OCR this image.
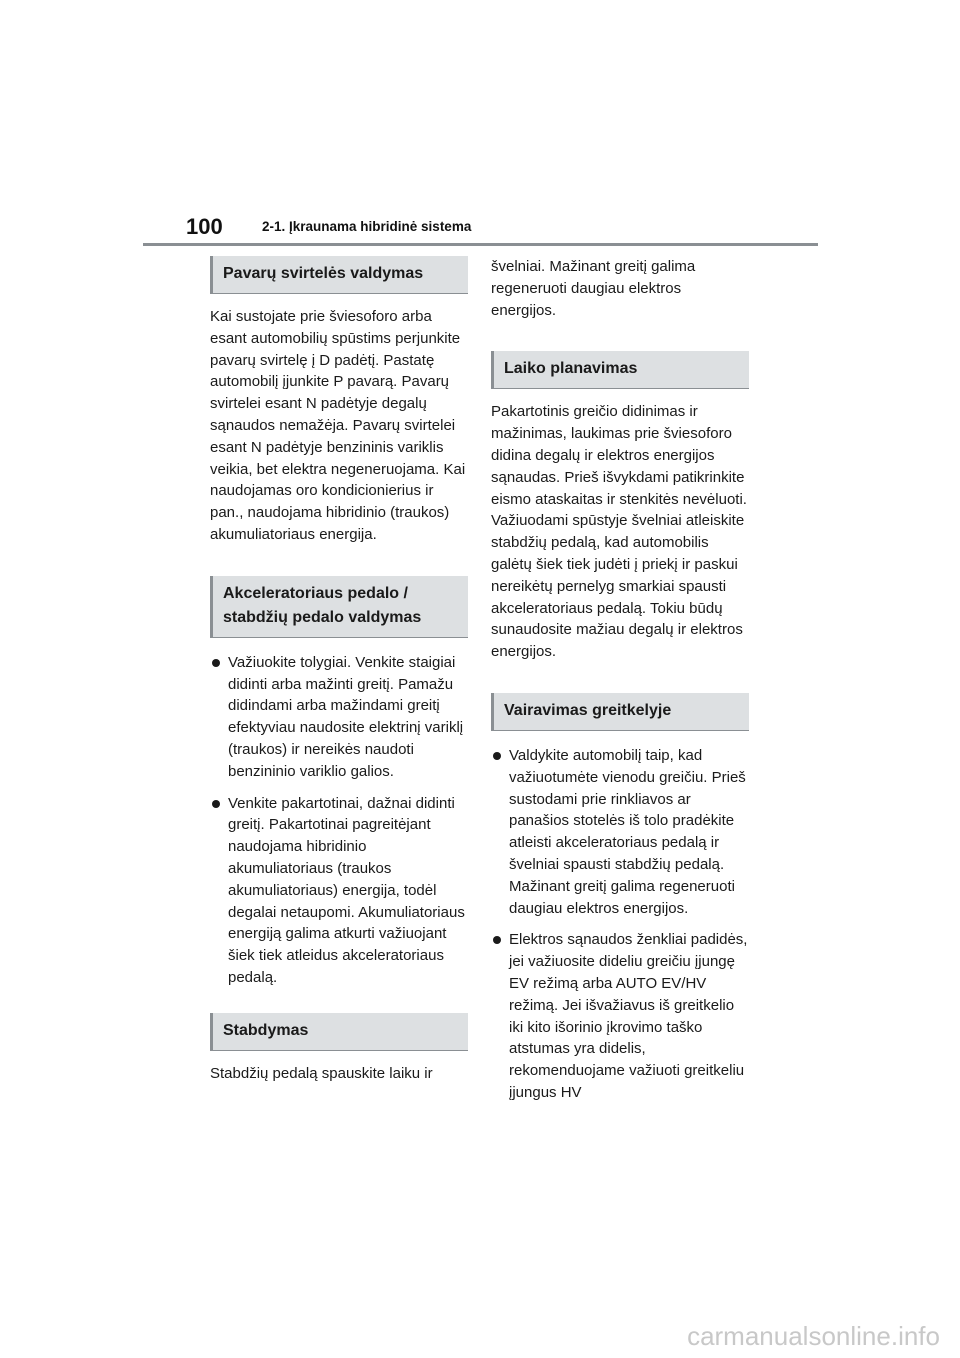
100	2-1. Įkraunama hibridinė sistema
Pavarų svirtelės valdymas

Kai sustojate prie šviesoforo arba esant automobilių spūstims perjunkite pavarų svirtelę į D padėtį. Pastatę automobilį įjunkite P pavarą. Pavarų svirtelei esant N padėtyje degalų sąnaudos nemažėja. Pavarų svirtelei esant N padėtyje benzininis variklis veikia, bet elektra negeneruojama. Kai naudojamas oro kondicionierius ir pan., naudojama hibridinio (traukos) akumuliatoriaus energija.

Akceleratoriaus pedalo / stabdžių pedalo valdymas
Važiuokite tolygiai. Venkite staigiai didinti arba mažinti greitį. Pamažu didindami arba mažindami greitį efektyviau naudosite elektrinį variklį (traukos) ir nereikės naudoti benzininio variklio galios.
Venkite pakartotinai, dažnai didinti greitį. Pakartotinai pagreitėjant naudojama hibridinio akumuliatoriaus (traukos akumuliatoriaus) energija, todėl degalai netaupomi. Akumuliatoriaus energiją galima atkurti važiuojant šiek tiek atleidus akceleratoriaus pedalą.
Stabdymas

Stabdžių pedalą spauskite laiku ir

švelniai. Mažinant greitį galima regeneruoti daugiau elektros energijos.

Laiko planavimas

Pakartotinis greičio didinimas ir mažinimas, laukimas prie šviesoforo didina degalų ir elektros energijos sąnaudas. Prieš išvykdami patikrinkite eismo ataskaitas ir stenkitės nevėluoti. Važiuodami spūstyje švelniai atleiskite stabdžių pedalą, kad automobilis galėtų šiek tiek judėti į priekį ir paskui nereikėtų pernelyg smarkiai spausti akceleratoriaus pedalą. Tokiu būdų sunaudosite mažiau degalų ir elektros energijos.

Vairavimas greitkelyje
Valdykite automobilį taip, kad važiuotumėte vienodu greičiu. Prieš sustodami prie rinkliavos ar panašios stotelės iš tolo pradėkite atleisti akceleratoriaus pedalą ir švelniai spausti stabdžių pedalą. Mažinant greitį galima regeneruoti daugiau elektros energijos.
Elektros sąnaudos ženkliai padidės, jei važiuosite dideliu greičiu įjungę EV režimą arba AUTO EV/HV režimą. Jei išvažiavus iš greitkelio iki kito išorinio įkrovimo taško atstumas yra didelis, rekomenduojame važiuoti greitkeliu įjungus HV
carmanualsonline.info
